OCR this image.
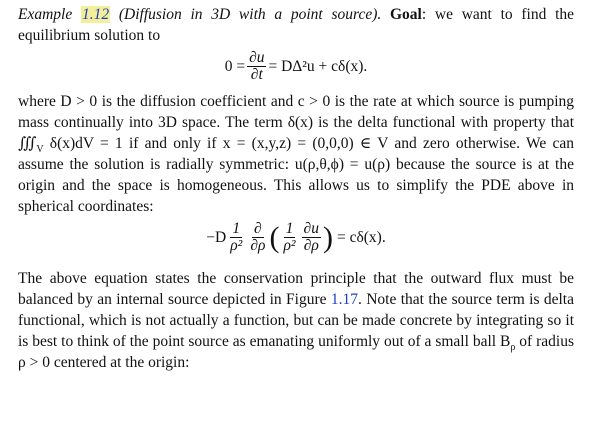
Example 1.12 (Diffusion in 3D with a point source). Goal: we want to find the equilibrium solution to

$0 = \frac{\partial u}{\partial t} = D\Delta^2u + c\delta(x)$.

where D > 0 is the diffusion coefficient and c > 0 is the rate at which source is pumping mass continually into 3D space. The term δ(x) is the delta functional with property that $∭_V$ δ(x)dV = 1 if and only if x = (x,y,z) = (0,0,0) ∈ V and zero otherwise. We can assume the solution is radially symmetric: u(ρ,θ,ϕ) = u(ρ) because the source is at the origin and the space is homogeneous. This allows us to simplify the PDE above in spherical coordinates:

$-D \frac{1}{\text{ρ²}} \frac{\partial}{\partial\rho}$ ( $\frac{1}{\text{ρ²}} \frac{\partial u}{\partial\rho}$ ) = cδ(x).

The above equation states the conservation principle that the outward flux must be balanced by an internal source depicted in Figure 1.17. Note that the source term is delta functional, which is not actually a function, but can be made concrete by integrating so it is best to think of the point source as emanating uniformly out of a small ball $B_\rho$ of radius ρ > 0 centered at the origin:
